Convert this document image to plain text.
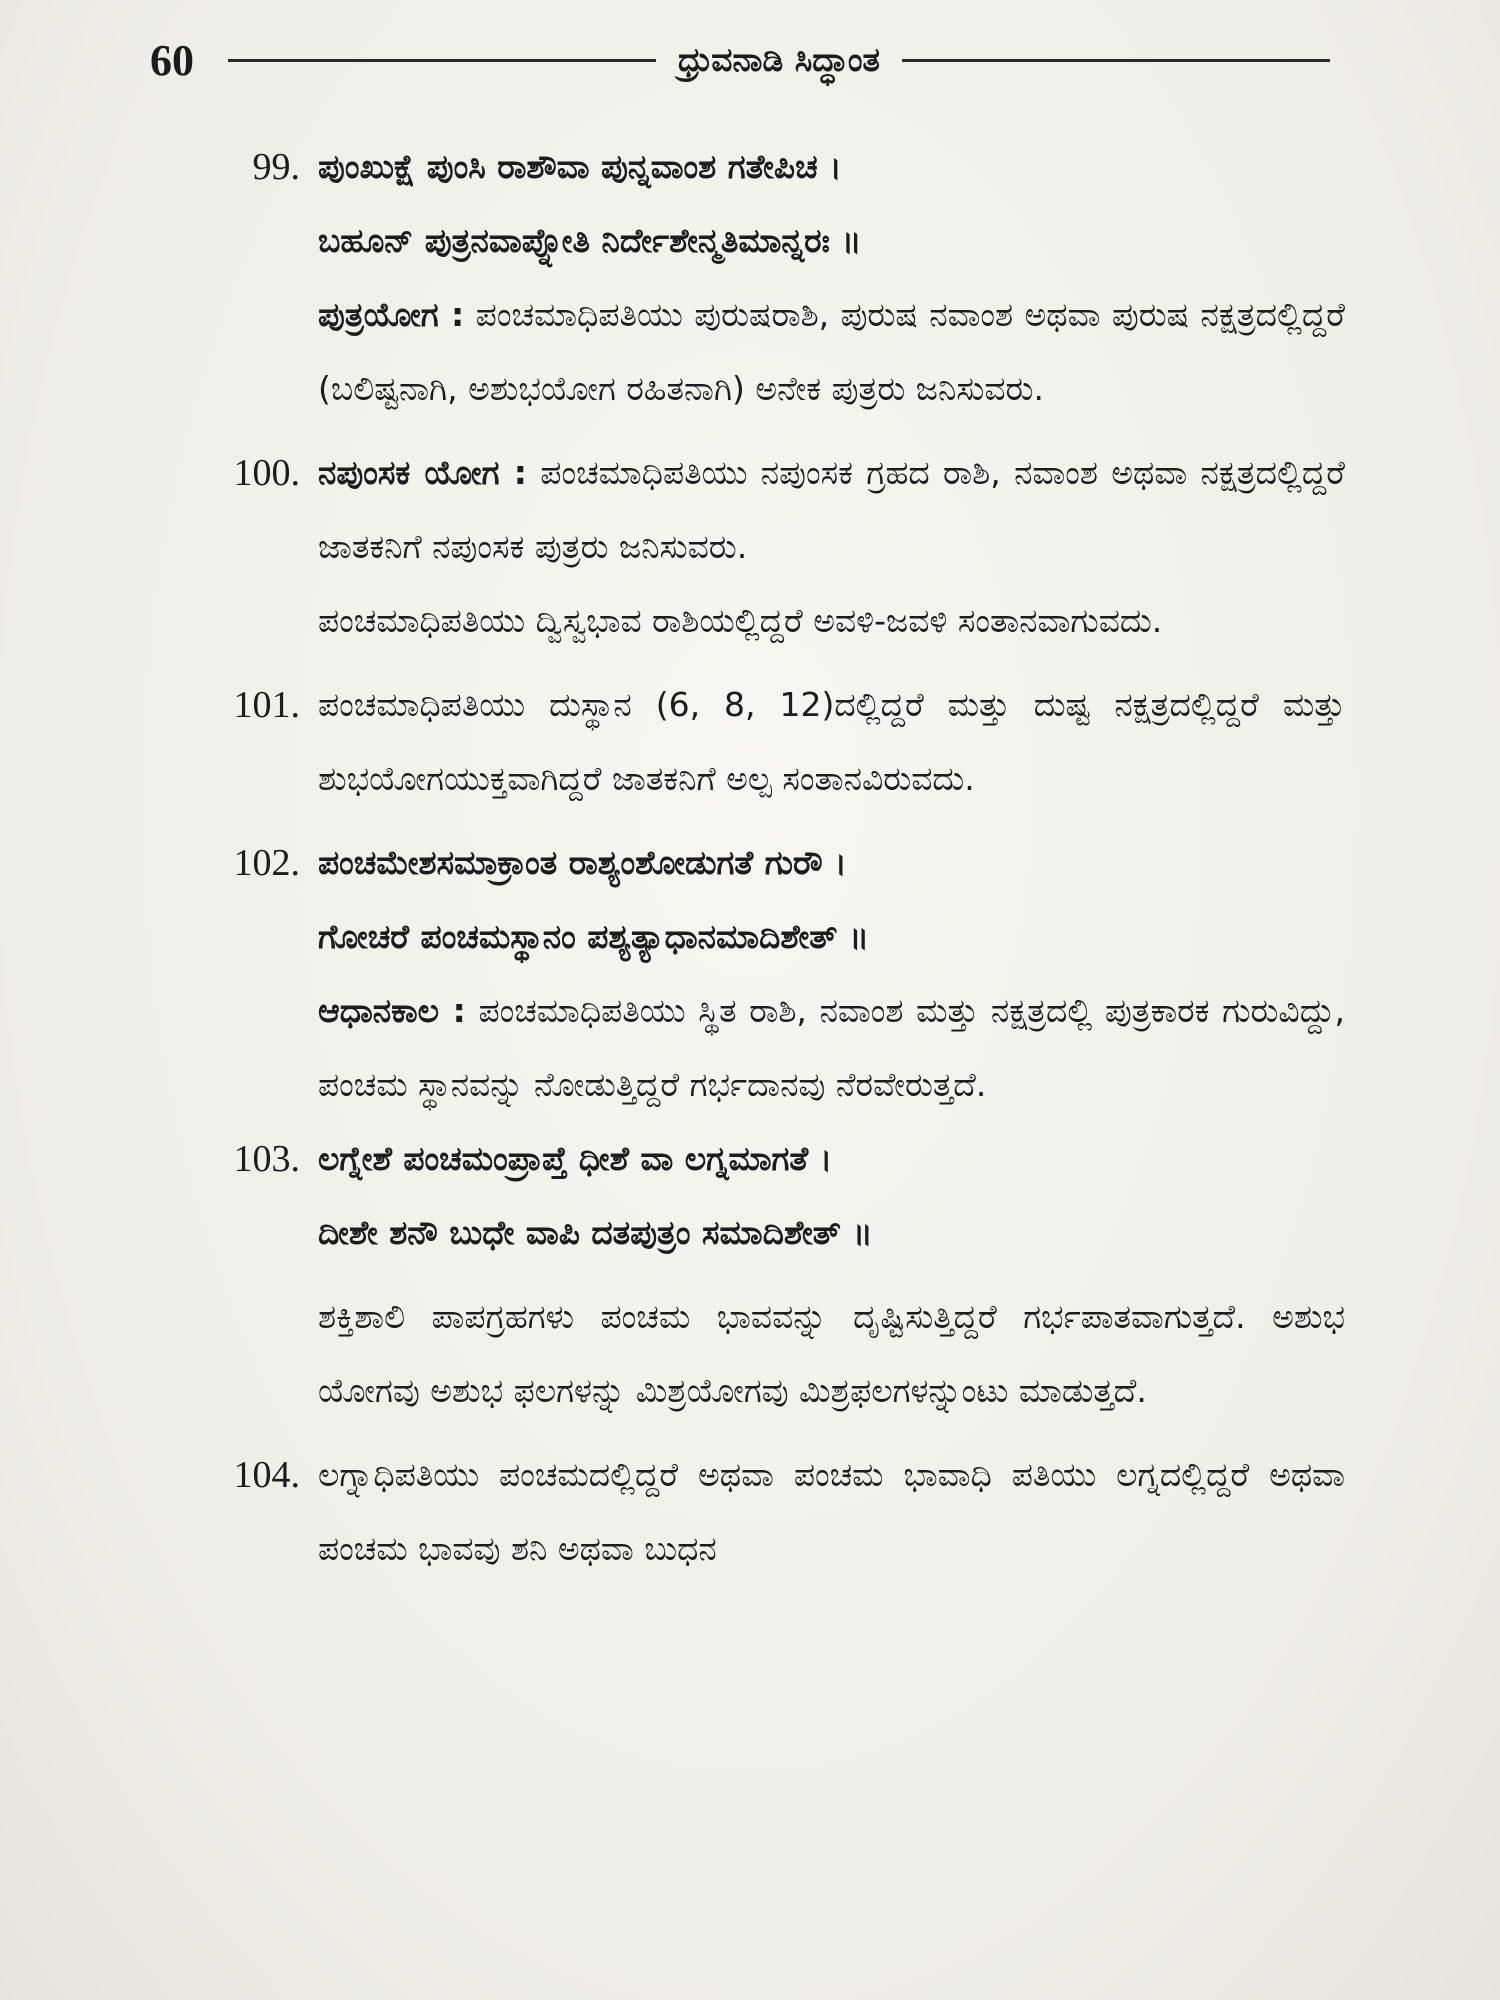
60	ಧ್ರುವನಾಡಿ ಸಿದ್ಧಾಂತ
99. ಪುಂಖುಕ್ಷೆ ಪುಂಸಿ ರಾಶೌವಾ ಪುನ್ನವಾಂಶ ಗತೇಪಿಚ ।

ಬಹೂನ್ ಪುತ್ರನವಾಪ್ನೋತಿ ನಿರ್ದೇಶೇನ್ಮತಿಮಾನ್ನರಃ ॥

ಪುತ್ರಯೋಗ : ಪಂಚಮಾಧಿಪತಿಯು ಪುರುಷರಾಶಿ, ಪುರುಷ ನವಾಂಶ ಅಥವಾ ಪುರುಷ ನಕ್ಷತ್ರದಲ್ಲಿದ್ದರೆ (ಬಲಿಷ್ಟನಾಗಿ, ಅಶುಭಯೋಗ ರಹಿತನಾಗಿ) ಅನೇಕ ಪುತ್ರರು ಜನಿಸುವರು.

100. ನಪುಂಸಕ ಯೋಗ : ಪಂಚಮಾಧಿಪತಿಯು ನಪುಂಸಕ ಗ್ರಹದ ರಾಶಿ, ನವಾಂಶ ಅಥವಾ ನಕ್ಷತ್ರದಲ್ಲಿದ್ದರೆ ಜಾತಕನಿಗೆ ನಪುಂಸಕ ಪುತ್ರರು ಜನಿಸುವರು.

ಪಂಚಮಾಧಿಪತಿಯು ದ್ವಿಸ್ವಭಾವ ರಾಶಿಯಲ್ಲಿದ್ದರೆ ಅವಳಿ-ಜವಳಿ ಸಂತಾನವಾಗುವದು.

101. ಪಂಚಮಾಧಿಪತಿಯು ದುಸ್ಥಾನ (6, 8, 12)ದಲ್ಲಿದ್ದರೆ ಮತ್ತು ದುಷ್ಟ ನಕ್ಷತ್ರದಲ್ಲಿದ್ದರೆ ಮತ್ತು ಶುಭಯೋಗಯುಕ್ತವಾಗಿದ್ದರೆ ಜಾತಕನಿಗೆ ಅಲ್ಪ ಸಂತಾನವಿರುವದು.

102. ಪಂಚಮೇಶಸಮಾಕ್ರಾಂತ ರಾಶ್ಯಂಶೋಡುಗತೆ ಗುರೌ ।

ಗೋಚರೆ ಪಂಚಮಸ್ಥಾನಂ ಪಶ್ಯತ್ಯಾಧಾನಮಾದಿಶೇತ್ ॥

ಆಧಾನಕಾಲ : ಪಂಚಮಾಧಿಪತಿಯು ಸ್ಥಿತ ರಾಶಿ, ನವಾಂಶ ಮತ್ತು ನಕ್ಷತ್ರದಲ್ಲಿ ಪುತ್ರಕಾರಕ ಗುರುವಿದ್ದು, ಪಂಚಮ ಸ್ಥಾನವನ್ನು ನೋಡುತ್ತಿದ್ದರೆ ಗರ್ಭದಾನವು ನೆರವೇರುತ್ತದೆ.

103. ಲಗ್ನೇಶೆ ಪಂಚಮಂಪ್ರಾಪ್ತೆ ಧೀಶೆ ವಾ ಲಗ್ನಮಾಗತೆ ।

ದೀಶೇ ಶನೌ ಬುಧೇ ವಾಪಿ ದತಪುತ್ರಂ ಸಮಾದಿಶೇತ್ ॥

ಶಕ್ತಿಶಾಲಿ ಪಾಪಗ್ರಹಗಳು ಪಂಚಮ ಭಾವವನ್ನು ದೃಷ್ಟಿಸುತ್ತಿದ್ದರೆ ಗರ್ಭಪಾತವಾಗುತ್ತದೆ. ಅಶುಭ ಯೋಗವು ಅಶುಭ ಫಲಗಳನ್ನು ಮಿಶ್ರಯೋಗವು ಮಿಶ್ರಫಲಗಳನ್ನುಂಟು ಮಾಡುತ್ತದೆ.

104. ಲಗ್ನಾಧಿಪತಿಯು ಪಂಚಮದಲ್ಲಿದ್ದರೆ ಅಥವಾ ಪಂಚಮ ಭಾವಾಧಿ ಪತಿಯು ಲಗ್ನದಲ್ಲಿದ್ದರೆ ಅಥವಾ ಪಂಚಮ ಭಾವವು ಶನಿ ಅಥವಾ ಬುಧನ
